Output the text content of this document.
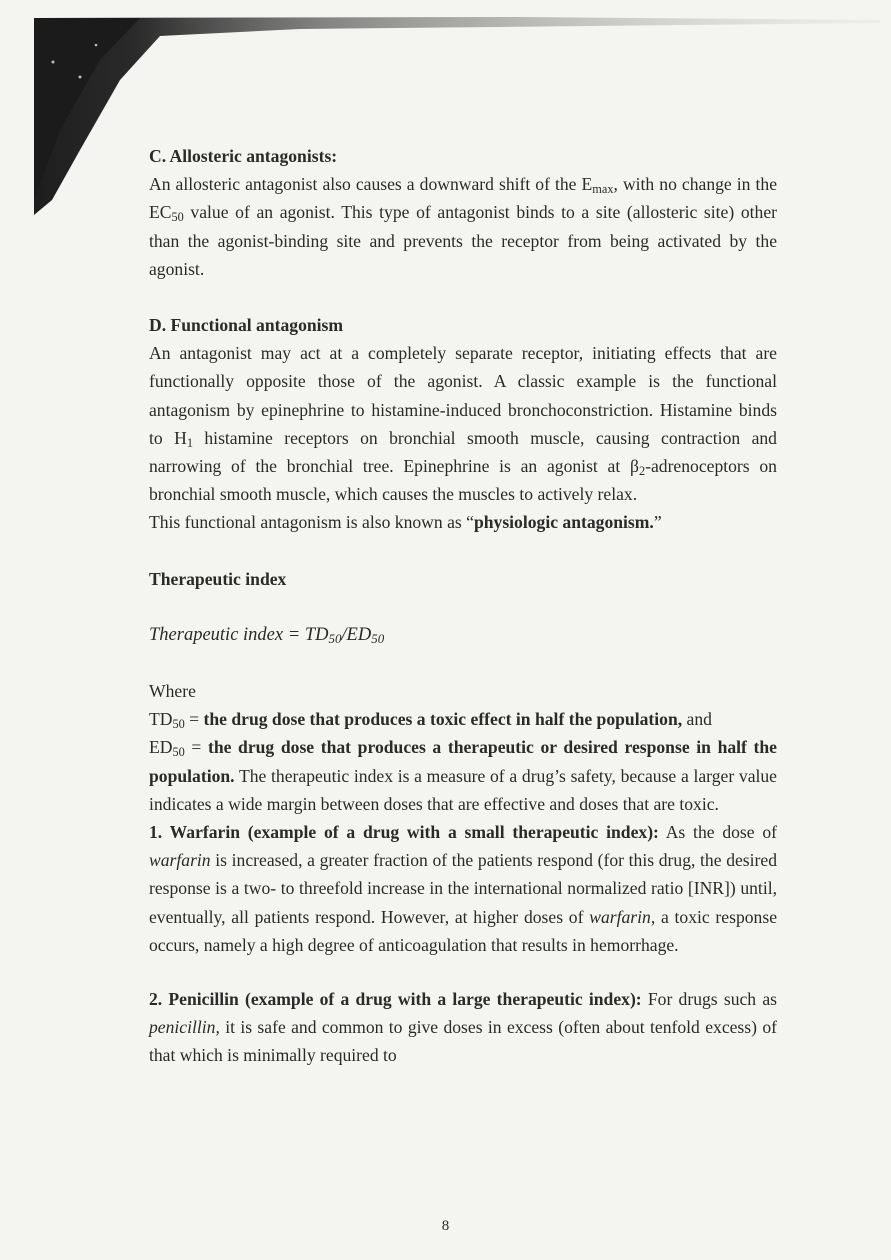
C. Allosteric antagonists:

An allosteric antagonist also causes a downward shift of the $E_{max}$, with no change in the $EC_{50}$ value of an agonist. This type of antagonist binds to a site (allosteric site) other than the agonist-binding site and prevents the receptor from being activated by the agonist.

D. Functional antagonism

An antagonist may act at a completely separate receptor, initiating effects that are functionally opposite those of the agonist. A classic example is the functional antagonism by epinephrine to histamine-induced bronchoconstriction. Histamine binds to $H_1$ histamine receptors on bronchial smooth muscle, causing contraction and narrowing of the bronchial tree. Epinephrine is an agonist at $\beta_2$-adrenoceptors on bronchial smooth muscle, which causes the muscles to actively relax.

This functional antagonism is also known as “physiologic antagonism.”

Therapeutic index

Therapeutic index = $TD_{50}/ED_{50}$

Where

$TD_{50}$ = the drug dose that produces a toxic effect in half the population, and

$ED_{50}$ = the drug dose that produces a therapeutic or desired response in half the population. The therapeutic index is a measure of a drug’s safety, because a larger value indicates a wide margin between doses that are effective and doses that are toxic.

1. Warfarin (example of a drug with a small therapeutic index): As the dose of warfarin is increased, a greater fraction of the patients respond (for this drug, the desired response is a two- to threefold increase in the international normalized ratio [INR]) until, eventually, all patients respond. However, at higher doses of warfarin, a toxic response occurs, namely a high degree of anticoagulation that results in hemorrhage.

2. Penicillin (example of a drug with a large therapeutic index): For drugs such as penicillin, it is safe and common to give doses in excess (often about tenfold excess) of that which is minimally required to

8
